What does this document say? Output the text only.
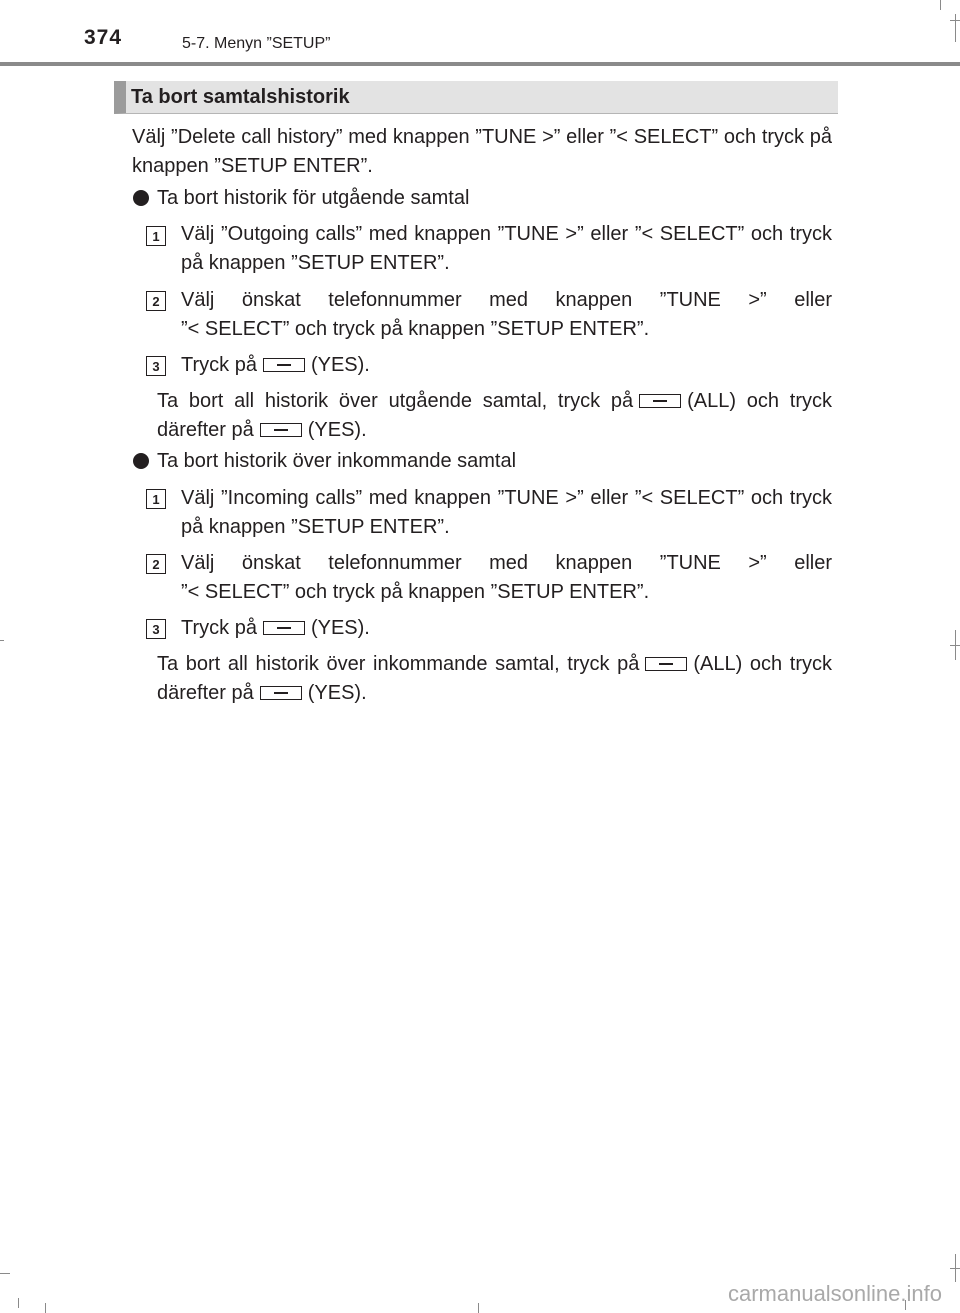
374	5-7. Menyn ”SETUP”
Ta bort samtalshistorik
Välj ”Delete call history” med knappen ”TUNE >” eller ”< SELECT” och tryck på knappen ”SETUP ENTER”.
Ta bort historik för utgående samtal
1	Välj ”Outgoing calls” med knappen ”TUNE >” eller ”< SELECT” och tryck på knappen ”SETUP ENTER”.
2	Välj önskat telefonnummer med knappen ”TUNE >” eller
”< SELECT” och tryck på knappen ”SETUP ENTER”.
3	Tryck på	(YES).
Ta bort all historik över utgående samtal, tryck på	(ALL) och tryck därefter på	(YES).
Ta bort historik över inkommande samtal
1	Välj ”Incoming calls” med knappen ”TUNE >” eller ”< SELECT” och tryck på knappen ”SETUP ENTER”.
2	Välj önskat telefonnummer med knappen ”TUNE >” eller
”< SELECT” och tryck på knappen ”SETUP ENTER”.
3	Tryck på	(YES).
Ta bort all historik över inkommande samtal, tryck på	(ALL) och tryck därefter på	(YES).
carmanualsonline.info
